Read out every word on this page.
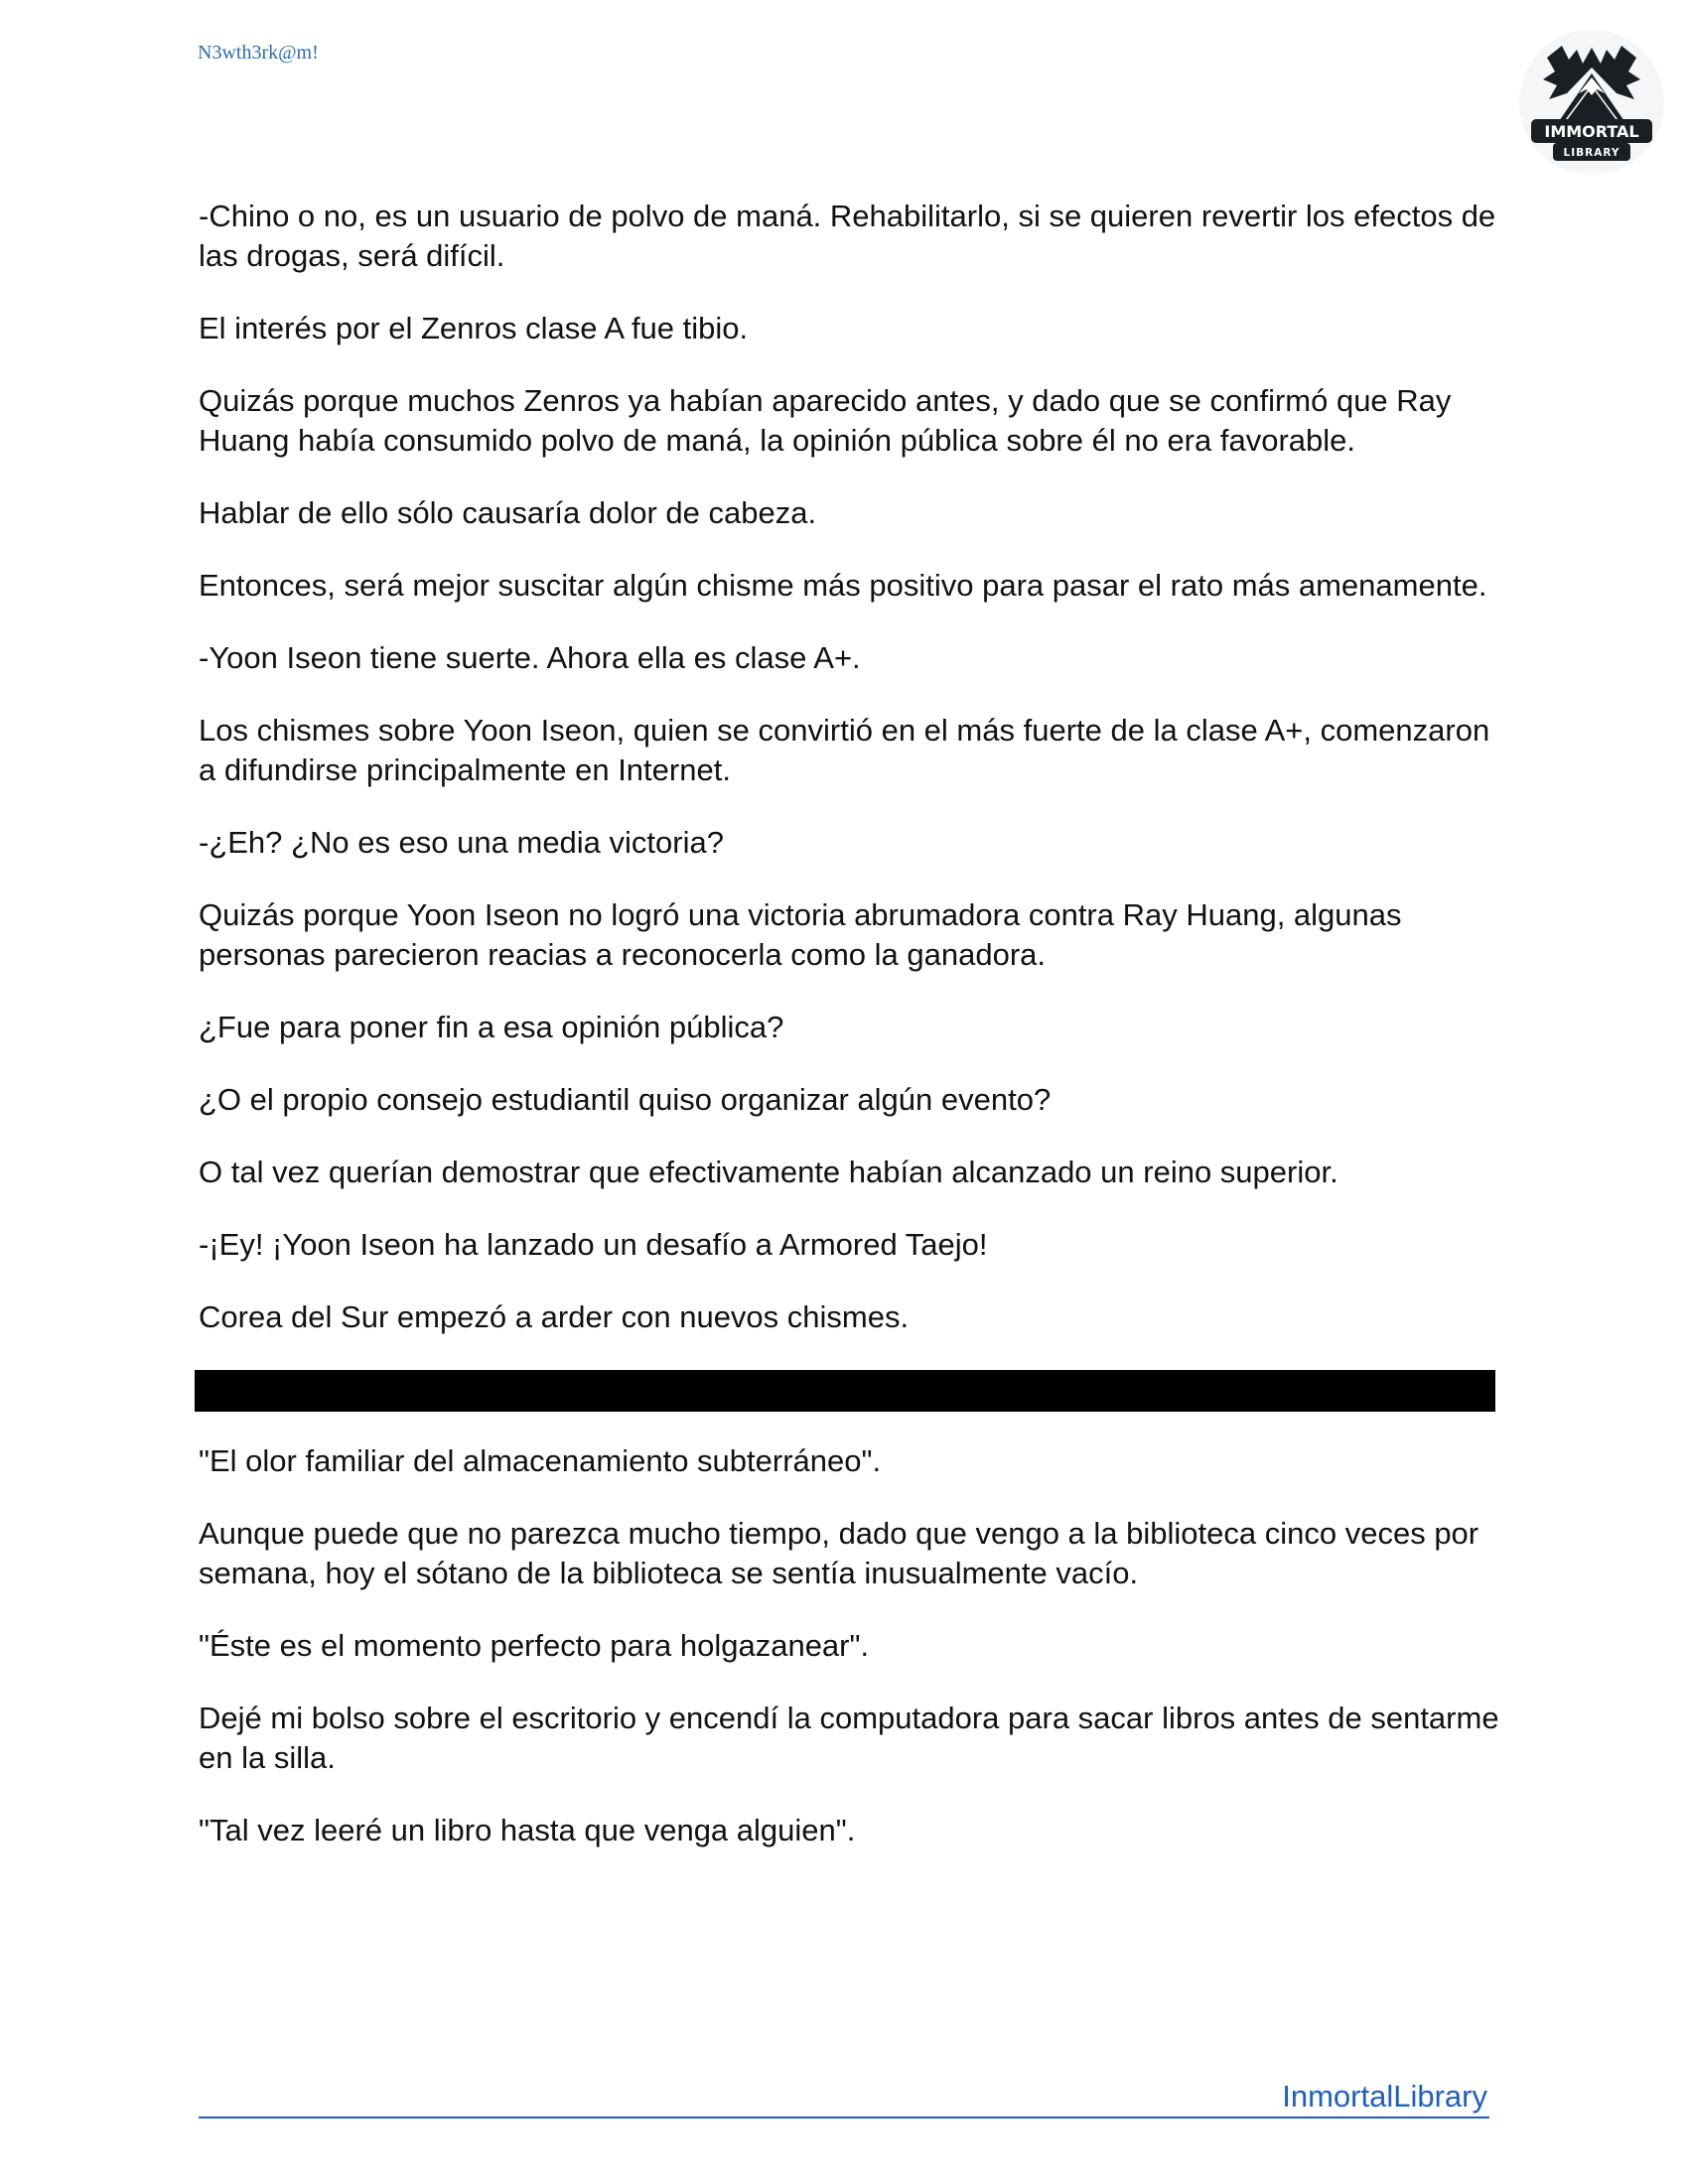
N3wth3rk@m!
IMMORTAL
LIBRARY

-Chino o no, es un usuario de polvo de maná. Rehabilitarlo, si se quieren revertir los efectos de las drogas, será difícil.

El interés por el Zenros clase A fue tibio.

Quizás porque muchos Zenros ya habían aparecido antes, y dado que se confirmó que Ray Huang había consumido polvo de maná, la opinión pública sobre él no era favorable.

Hablar de ello sólo causaría dolor de cabeza.

Entonces, será mejor suscitar algún chisme más positivo para pasar el rato más amenamente.

-Yoon Iseon tiene suerte. Ahora ella es clase A+.

Los chismes sobre Yoon Iseon, quien se convirtió en el más fuerte de la clase A+, comenzaron a difundirse principalmente en Internet.

-¿Eh? ¿No es eso una media victoria?

Quizás porque Yoon Iseon no logró una victoria abrumadora contra Ray Huang, algunas personas parecieron reacias a reconocerla como la ganadora.

¿Fue para poner fin a esa opinión pública?

¿O el propio consejo estudiantil quiso organizar algún evento?

O tal vez querían demostrar que efectivamente habían alcanzado un reino superior.

-¡Ey! ¡Yoon Iseon ha lanzado un desafío a Armored Taejo!

Corea del Sur empezó a arder con nuevos chismes.

"El olor familiar del almacenamiento subterráneo".

Aunque puede que no parezca mucho tiempo, dado que vengo a la biblioteca cinco veces por semana, hoy el sótano de la biblioteca se sentía inusualmente vacío.

"Éste es el momento perfecto para holgazanear".

Dejé mi bolso sobre el escritorio y encendí la computadora para sacar libros antes de sentarme en la silla.

"Tal vez leeré un libro hasta que venga alguien".

InmortalLibrary
